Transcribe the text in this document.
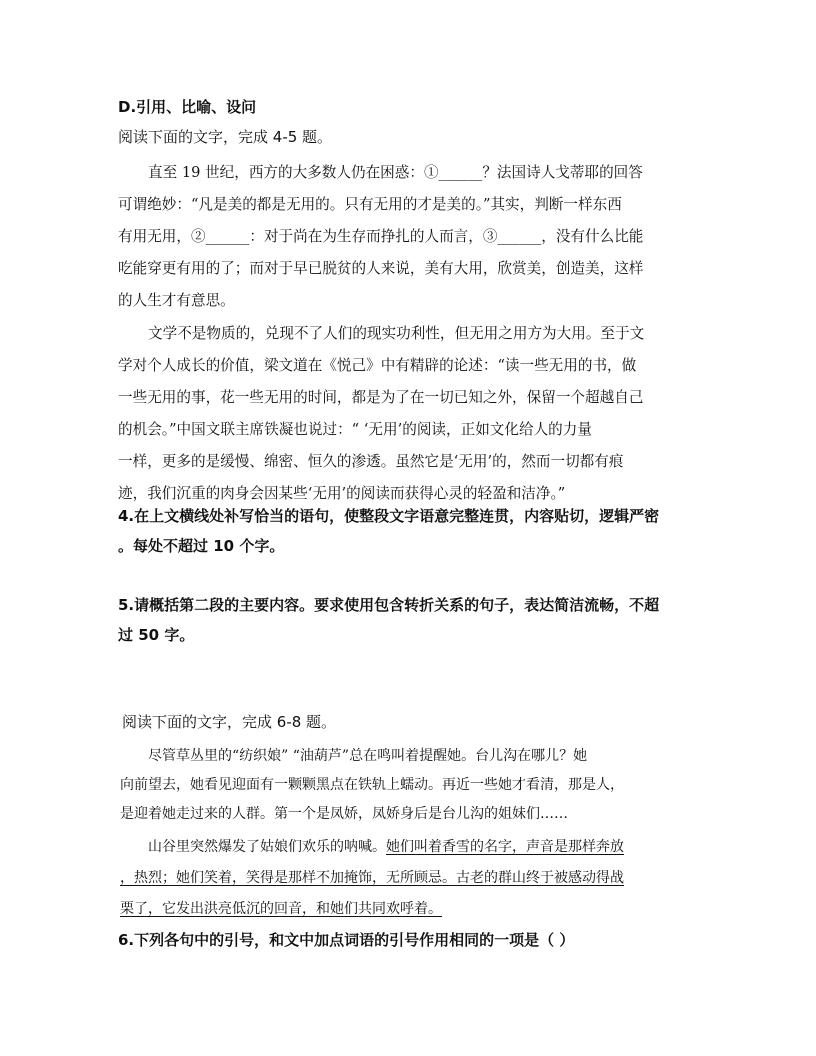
D.引用、比喻、设问
阅读下面的文字，完成 4-5 题。
直至 19 世纪，西方的大多数人仍在困惑：①______？法国诗人戈蒂耶的回答
可谓绝妙：“凡是美的都是无用的。只有无用的才是美的。”其实，判断一样东西
有用无用，②______：对于尚在为生存而挣扎的人而言，③______，没有什么比能
吃能穿更有用的了；而对于早已脱贫的人来说，美有大用，欣赏美，创造美，这样
的人生才有意思。
文学不是物质的，兑现不了人们的现实功利性，但无用之用方为大用。至于文
学对个人成长的价值，梁文道在《悦己》中有精辟的论述：“读一些无用的书，做
一些无用的事，花一些无用的时间，都是为了在一切已知之外，保留一个超越自己
的机会。”中国文联主席铁凝也说过：“ ‘无用’的阅读，正如文化给人的力量
一样，更多的是缓慢、绵密、恒久的渗透。虽然它是‘无用’的，然而一切都有痕
迹，我们沉重的肉身会因某些‘无用’的阅读而获得心灵的轻盈和洁净。”
4.在上文横线处补写恰当的语句，使整段文字语意完整连贯，内容贴切，逻辑严密
。每处不超过 10 个字。
5.请概括第二段的主要内容。要求使用包含转折关系的句子，表达简洁流畅，不超
过 50 字。
阅读下面的文字，完成 6-8 题。
尽管草丛里的“纺织娘” “油葫芦”总在鸣叫着提醒她。台儿沟在哪儿？她
向前望去，她看见迎面有一颗颗黑点在铁轨上蠕动。再近一些她才看清，那是人，
是迎着她走过来的人群。第一个是凤娇，凤娇身后是台儿沟的姐妹们……
山谷里突然爆发了姑娘们欢乐的呐喊。她们叫着香雪的名字，声音是那样奔放
，热烈；她们笑着，笑得是那样不加掩饰，无所顾忌。古老的群山终于被感动得战
栗了，它发出洪亮低沉的回音，和她们共同欢呼着。
6.下列各句中的引号，和文中加点词语的引号作用相同的一项是（ ）
